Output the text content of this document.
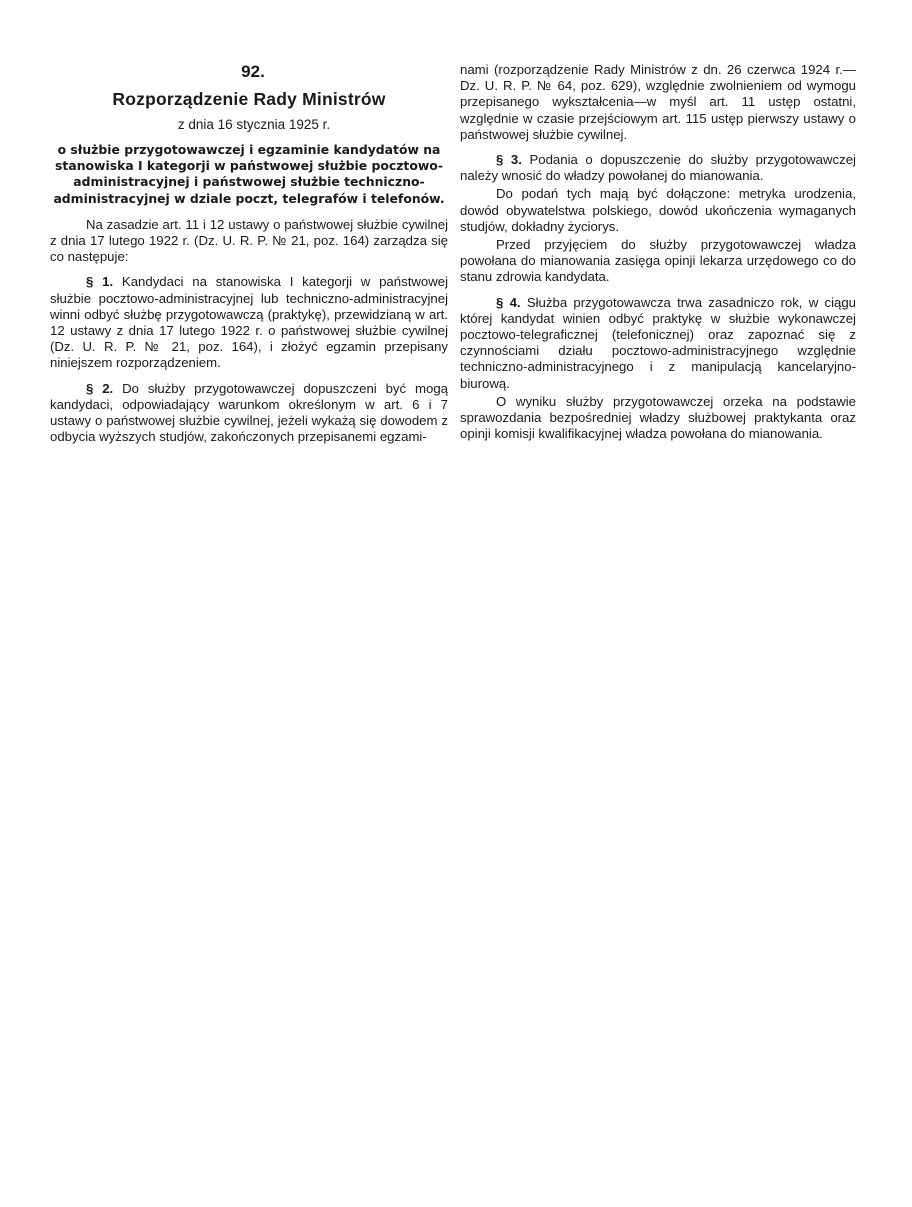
92.
Rozporządzenie Rady Ministrów
z dnia 16 stycznia 1925 r.
o służbie przygotowawczej i egzaminie kandydatów na stanowiska I kategorji w państwowej służbie pocztowo-administracyjnej i państwowej służbie techniczno-administracyjnej w dziale poczt, telegrafów i telefonów.
Na zasadzie art. 11 i 12 ustawy o państwowej służbie cywilnej z dnia 17 lutego 1922 r. (Dz. U. R. P. № 21, poz. 164) zarządza się co następuje:
§ 1. Kandydaci na stanowiska I kategorji w państwowej służbie pocztowo-administracyjnej lub techniczno-administracyjnej winni odbyć służbę przygotowawczą (praktykę), przewidzianą w art. 12 ustawy z dnia 17 lutego 1922 r. o państwowej służbie cywilnej (Dz. U. R. P. № 21, poz. 164), i złożyć egzamin przepisany niniejszem rozporządzeniem.
§ 2. Do służby przygotowawczej dopuszczeni być mogą kandydaci, odpowiadający warunkom określonym w art. 6 i 7 ustawy o państwowej służbie cywilnej, jeżeli wykażą się dowodem z odbycia wyższych studjów, zakończonych przepisanemi egzami-
nami (rozporządzenie Rady Ministrów z dn. 26 czerwca 1924 r.—Dz. U. R. P. № 64, poz. 629), względnie zwolnieniem od wymogu przepisanego wykształcenia—w myśl art. 11 ustęp ostatni, względnie w czasie przejściowym art. 115 ustęp pierwszy ustawy o państwowej służbie cywilnej.
§ 3. Podania o dopuszczenie do służby przygotowawczej należy wnosić do władzy powołanej do mianowania.
Do podań tych mają być dołączone: metryka urodzenia, dowód obywatelstwa polskiego, dowód ukończenia wymaganych studjów, dokładny życiorys.
Przed przyjęciem do służby przygotowawczej władza powołana do mianowania zasięga opinji lekarza urzędowego co do stanu zdrowia kandydata.
§ 4. Służba przygotowawcza trwa zasadniczo rok, w ciągu której kandydat winien odbyć praktykę w służbie wykonawczej pocztowo-telegraficznej (telefonicznej) oraz zapoznać się z czynnościami działu pocztowo-administracyjnego względnie techniczno-administracyjnego i z manipulacją kancelaryjno-biurową.
O wyniku służby przygotowawczej orzeka na podstawie sprawozdania bezpośredniej władzy służbowej praktykanta oraz opinji komisji kwalifikacyjnej władza powołana do mianowania.
